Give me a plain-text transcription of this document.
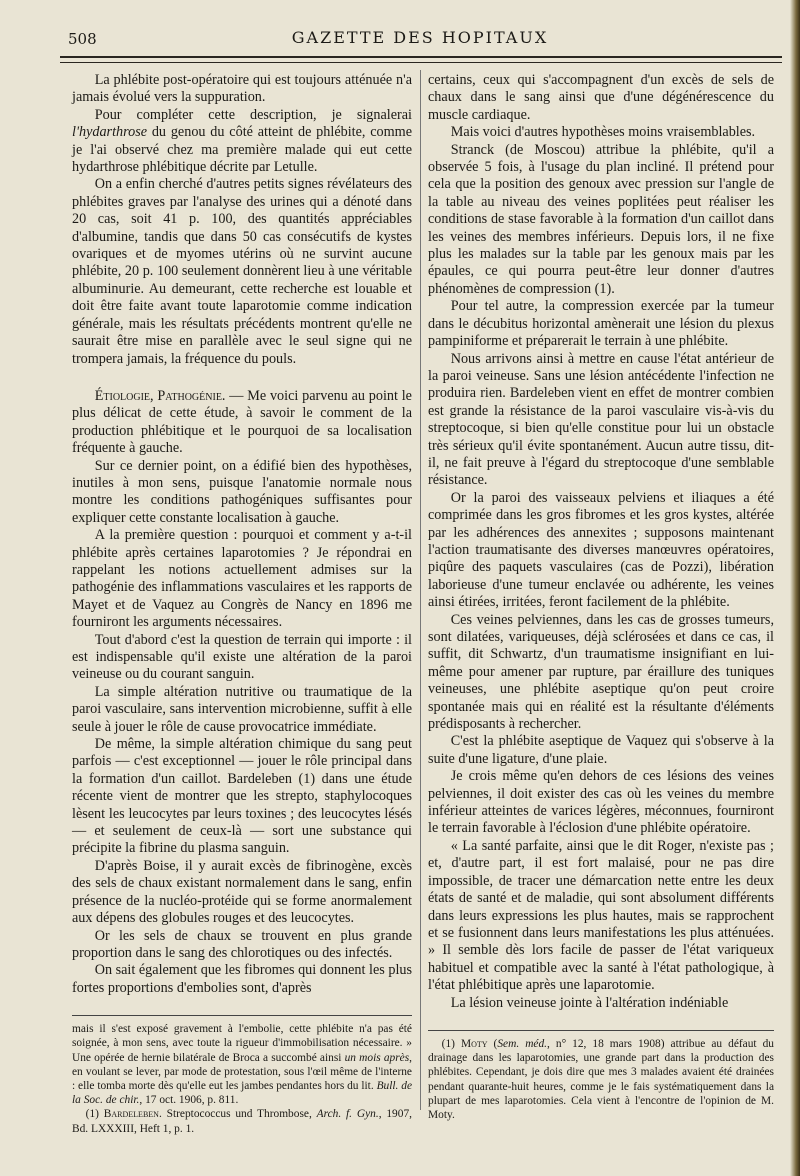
508	GAZETTE DES HOPITAUX

La phlébite post-opératoire qui est toujours atténuée n'a jamais évolué vers la suppuration.

Pour compléter cette description, je signalerai l'hydarthrose du genou du côté atteint de phlébite, comme je l'ai observé chez ma première malade qui eut cette hydarthrose phlébitique décrite par Letulle.

On a enfin cherché d'autres petits signes révélateurs des phlébites graves par l'analyse des urines qui a dénoté dans 20 cas, soit 41 p. 100, des quantités appréciables d'albumine, tandis que dans 50 cas consécutifs de kystes ovariques et de myomes utérins où ne survint aucune phlébite, 20 p. 100 seulement donnèrent lieu à une véritable albuminurie. Au demeurant, cette recherche est louable et doit être faite avant toute laparotomie comme indication générale, mais les résultats précédents montrent qu'elle ne saurait être mise en parallèle avec le seul signe qui ne trompera jamais, la fréquence du pouls.

Étiologie, Pathogénie. — Me voici parvenu au point le plus délicat de cette étude, à savoir le comment de la production phlébitique et le pourquoi de sa localisation fréquente à gauche.

Sur ce dernier point, on a édifié bien des hypothèses, inutiles à mon sens, puisque l'anatomie normale nous montre les conditions pathogéniques suffisantes pour expliquer cette constante localisation à gauche.

A la première question : pourquoi et comment y a-t-il phlébite après certaines laparotomies ? Je répondrai en rappelant les notions actuellement admises sur la pathogénie des inflammations vasculaires et les rapports de Mayet et de Vaquez au Congrès de Nancy en 1896 me fourniront les arguments nécessaires.

Tout d'abord c'est la question de terrain qui importe : il est indispensable qu'il existe une altération de la paroi veineuse ou du courant sanguin.

La simple altération nutritive ou traumatique de la paroi vasculaire, sans intervention microbienne, suffit à elle seule à jouer le rôle de cause provocatrice immédiate.

De même, la simple altération chimique du sang peut parfois — c'est exceptionnel — jouer le rôle principal dans la formation d'un caillot. Bardeleben (1) dans une étude récente vient de montrer que les strepto, staphylocoques lèsent les leucocytes par leurs toxines ; des leucocytes lésés — et seulement de ceux-là — sort une substance qui précipite la fibrine du plasma sanguin.

D'après Boise, il y aurait excès de fibrinogène, excès des sels de chaux existant normalement dans le sang, enfin présence de la nucléo-protéide qui se forme anormalement aux dépens des globules rouges et des leucocytes.

Or les sels de chaux se trouvent en plus grande proportion dans le sang des chlorotiques ou des infectés.

On sait également que les fibromes qui donnent les plus fortes proportions d'embolies sont, d'après

mais il s'est exposé gravement à l'embolie, cette phlébite n'a pas été soignée, à mon sens, avec toute la rigueur d'immobilisation nécessaire. » Une opérée de hernie bilatérale de Broca a succombé ainsi un mois après, en voulant se lever, par mode de protestation, sous l'œil même de l'interne : elle tomba morte dès qu'elle eut les jambes pendantes hors du lit. Bull. de la Soc. de chir., 17 oct. 1906, p. 811.

(1) Bardeleben. Streptococcus und Thrombose, Arch. f. Gyn., 1907, Bd. LXXXIII, Heft 1, p. 1.

certains, ceux qui s'accompagnent d'un excès de sels de chaux dans le sang ainsi que d'une dégénérescence du muscle cardiaque.

Mais voici d'autres hypothèses moins vraisemblables.

Stranck (de Moscou) attribue la phlébite, qu'il a observée 5 fois, à l'usage du plan incliné. Il prétend pour cela que la position des genoux avec pression sur l'angle de la table au niveau des veines poplitées peut réaliser les conditions de stase favorable à la formation d'un caillot dans les veines des membres inférieurs. Depuis lors, il ne fixe plus les malades sur la table par les genoux mais par les épaules, ce qui pourra peut-être leur donner d'autres phénomènes de compression (1).

Pour tel autre, la compression exercée par la tumeur dans le décubitus horizontal amènerait une lésion du plexus pampiniforme et préparerait le terrain à une phlébite.

Nous arrivons ainsi à mettre en cause l'état antérieur de la paroi veineuse. Sans une lésion antécédente l'infection ne produira rien. Bardeleben vient en effet de montrer combien est grande la résistance de la paroi vasculaire vis-à-vis du streptocoque, si bien qu'elle constitue pour lui un obstacle très sérieux qu'il évite spontanément. Aucun autre tissu, dit-il, ne fait preuve à l'égard du streptocoque d'une semblable résistance.

Or la paroi des vaisseaux pelviens et iliaques a été comprimée dans les gros fibromes et les gros kystes, altérée par les adhérences des annexites ; supposons maintenant l'action traumatisante des diverses manœuvres opératoires, piqûre des paquets vasculaires (cas de Pozzi), libération laborieuse d'une tumeur enclavée ou adhérente, les veines ainsi étirées, irritées, feront facilement de la phlébite.

Ces veines pelviennes, dans les cas de grosses tumeurs, sont dilatées, variqueuses, déjà sclérosées et dans ce cas, il suffit, dit Schwartz, d'un traumatisme insignifiant en lui-même pour amener par rupture, par éraillure des tuniques veineuses, une phlébite aseptique qu'on peut croire spontanée mais qui en réalité est la résultante d'éléments prédisposants à rechercher.

C'est la phlébite aseptique de Vaquez qui s'observe à la suite d'une ligature, d'une plaie.

Je crois même qu'en dehors de ces lésions des veines pelviennes, il doit exister des cas où les veines du membre inférieur atteintes de varices légères, méconnues, fourniront le terrain favorable à l'éclosion d'une phlébite opératoire.

« La santé parfaite, ainsi que le dit Roger, n'existe pas ; et, d'autre part, il est fort malaisé, pour ne pas dire impossible, de tracer une démarcation nette entre les deux états de santé et de maladie, qui sont absolument différents dans leurs expressions les plus hautes, mais se rapprochent et se fusionnent dans leurs manifestations les plus atténuées. » Il semble dès lors facile de passer de l'état variqueux habituel et compatible avec la santé à l'état pathologique, à l'état phlébitique après une laparotomie.

La lésion veineuse jointe à l'altération indéniable

(1) Moty (Sem. méd., n° 12, 18 mars 1908) attribue au défaut du drainage dans les laparotomies, une grande part dans la production des phlébites. Cependant, je dois dire que mes 3 malades avaient été drainées pendant quarante-huit heures, comme je le fais systématiquement dans la plupart de mes laparotomies. Cela vient à l'encontre de l'opinion de M. Moty.
